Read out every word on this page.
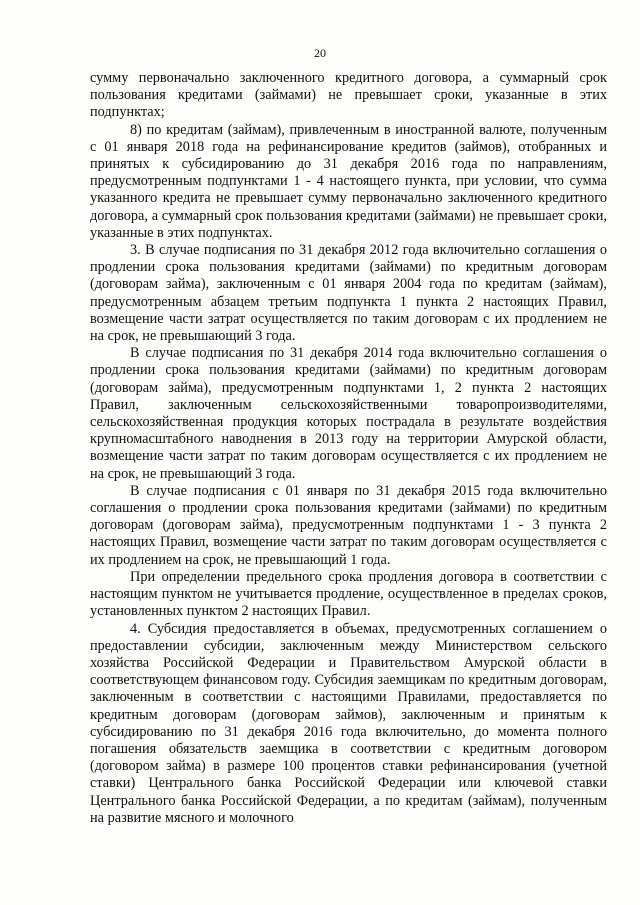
20

сумму первоначально заключенного кредитного договора, а суммарный срок пользования кредитами (займами) не превышает сроки, указанные в этих подпунктах;

8) по кредитам (займам), привлеченным в иностранной валюте, полученным с 01 января 2018 года на рефинансирование кредитов (займов), отобранных и принятых к субсидированию до 31 декабря 2016 года по направлениям, предусмотренным подпунктами 1 - 4 настоящего пункта, при условии, что сумма указанного кредита не превышает сумму первоначально заключенного кредитного договора, а суммарный срок пользования кредитами (займами) не превышает сроки, указанные в этих подпунктах.

3. В случае подписания по 31 декабря 2012 года включительно соглашения о продлении срока пользования кредитами (займами) по кредитным договорам (договорам займа), заключенным с 01 января 2004 года по кредитам (займам), предусмотренным абзацем третьим подпункта 1 пункта 2 настоящих Правил, возмещение части затрат осуществляется по таким договорам с их продлением не на срок, не превышающий 3 года.

В случае подписания по 31 декабря 2014 года включительно соглашения о продлении срока пользования кредитами (займами) по кредитным договорам (договорам займа), предусмотренным подпунктами 1, 2 пункта 2 настоящих Правил, заключенным сельскохозяйственными товаропроизводителями, сельскохозяйственная продукция которых пострадала в результате воздействия крупномасштабного наводнения в 2013 году на территории Амурской области, возмещение части затрат по таким договорам осуществляется с их продлением не на срок, не превышающий 3 года.

В случае подписания с 01 января по 31 декабря 2015 года включительно соглашения о продлении срока пользования кредитами (займами) по кредитным договорам (договорам займа), предусмотренным подпунктами 1 - 3 пункта 2 настоящих Правил, возмещение части затрат по таким договорам осуществляется с их продлением на срок, не превышающий 1 года.

При определении предельного срока продления договора в соответствии с настоящим пунктом не учитывается продление, осуществленное в пределах сроков, установленных пунктом 2 настоящих Правил.

4. Субсидия предоставляется в объемах, предусмотренных соглашением о предоставлении субсидии, заключенным между Министерством сельского хозяйства Российской Федерации и Правительством Амурской области в соответствующем финансовом году. Субсидия заемщикам по кредитным договорам, заключенным в соответствии с настоящими Правилами, предоставляется по кредитным договорам (договорам займов), заключенным и принятым к субсидированию по 31 декабря 2016 года включительно, до момента полного погашения обязательств заемщика в соответствии с кредитным договором (договором займа) в размере 100 процентов ставки рефинансирования (учетной ставки) Центрального банка Российской Федерации или ключевой ставки Центрального банка Российской Федерации, а по кредитам (займам), полученным на развитие мясного и молочного
